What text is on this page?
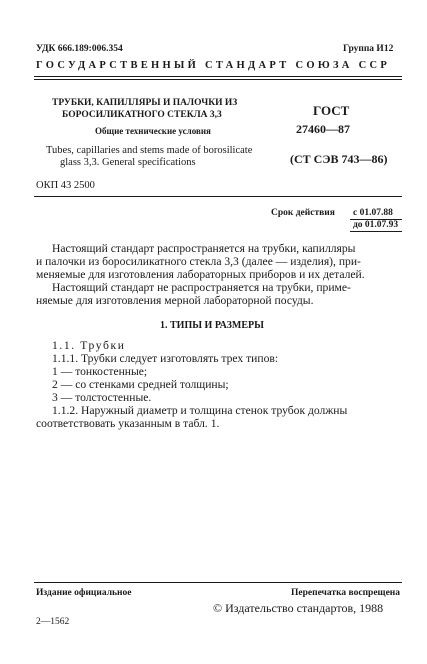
УДК 666.189:006.354	Группа И12
ГОСУДАРСТВЕННЫЙ СТАНДАРТ СОЮЗА ССР
ТРУБКИ, КАПИЛЛЯРЫ И ПАЛОЧКИ ИЗ
БОРОСИЛИКАТНОГО СТЕКЛА 3,3
Общие технические условия
Tubes, capillaries and stems made of borosilicate
glass 3,3. General specifications
ГОСТ
27460—87
(СТ СЭВ 743—86)
ОКП 43 2500
Срок действия с 01.07.88
до 01.07.93
Настоящий стандарт распространяется на трубки, капилляры
и палочки из боросиликатного стекла 3,3 (далее — изделия), при-
меняемые для изготовления лабораторных приборов и их деталей.
Настоящий стандарт не распространяется на трубки, приме-
няемые для изготовления мерной лабораторной посуды.
1. ТИПЫ И РАЗМЕРЫ
1.1. Трубки
1.1.1. Трубки следует изготовлять трех типов:
1 — тонкостенные;
2 — со стенками средней толщины;
3 — толстостенные.
1.1.2. Наружный диаметр и толщина стенок трубок должны
соответствовать указанным в табл. 1.
Издание официальное	Перепечатка воспрещена
© Издательство стандартов, 1988
2—1562
